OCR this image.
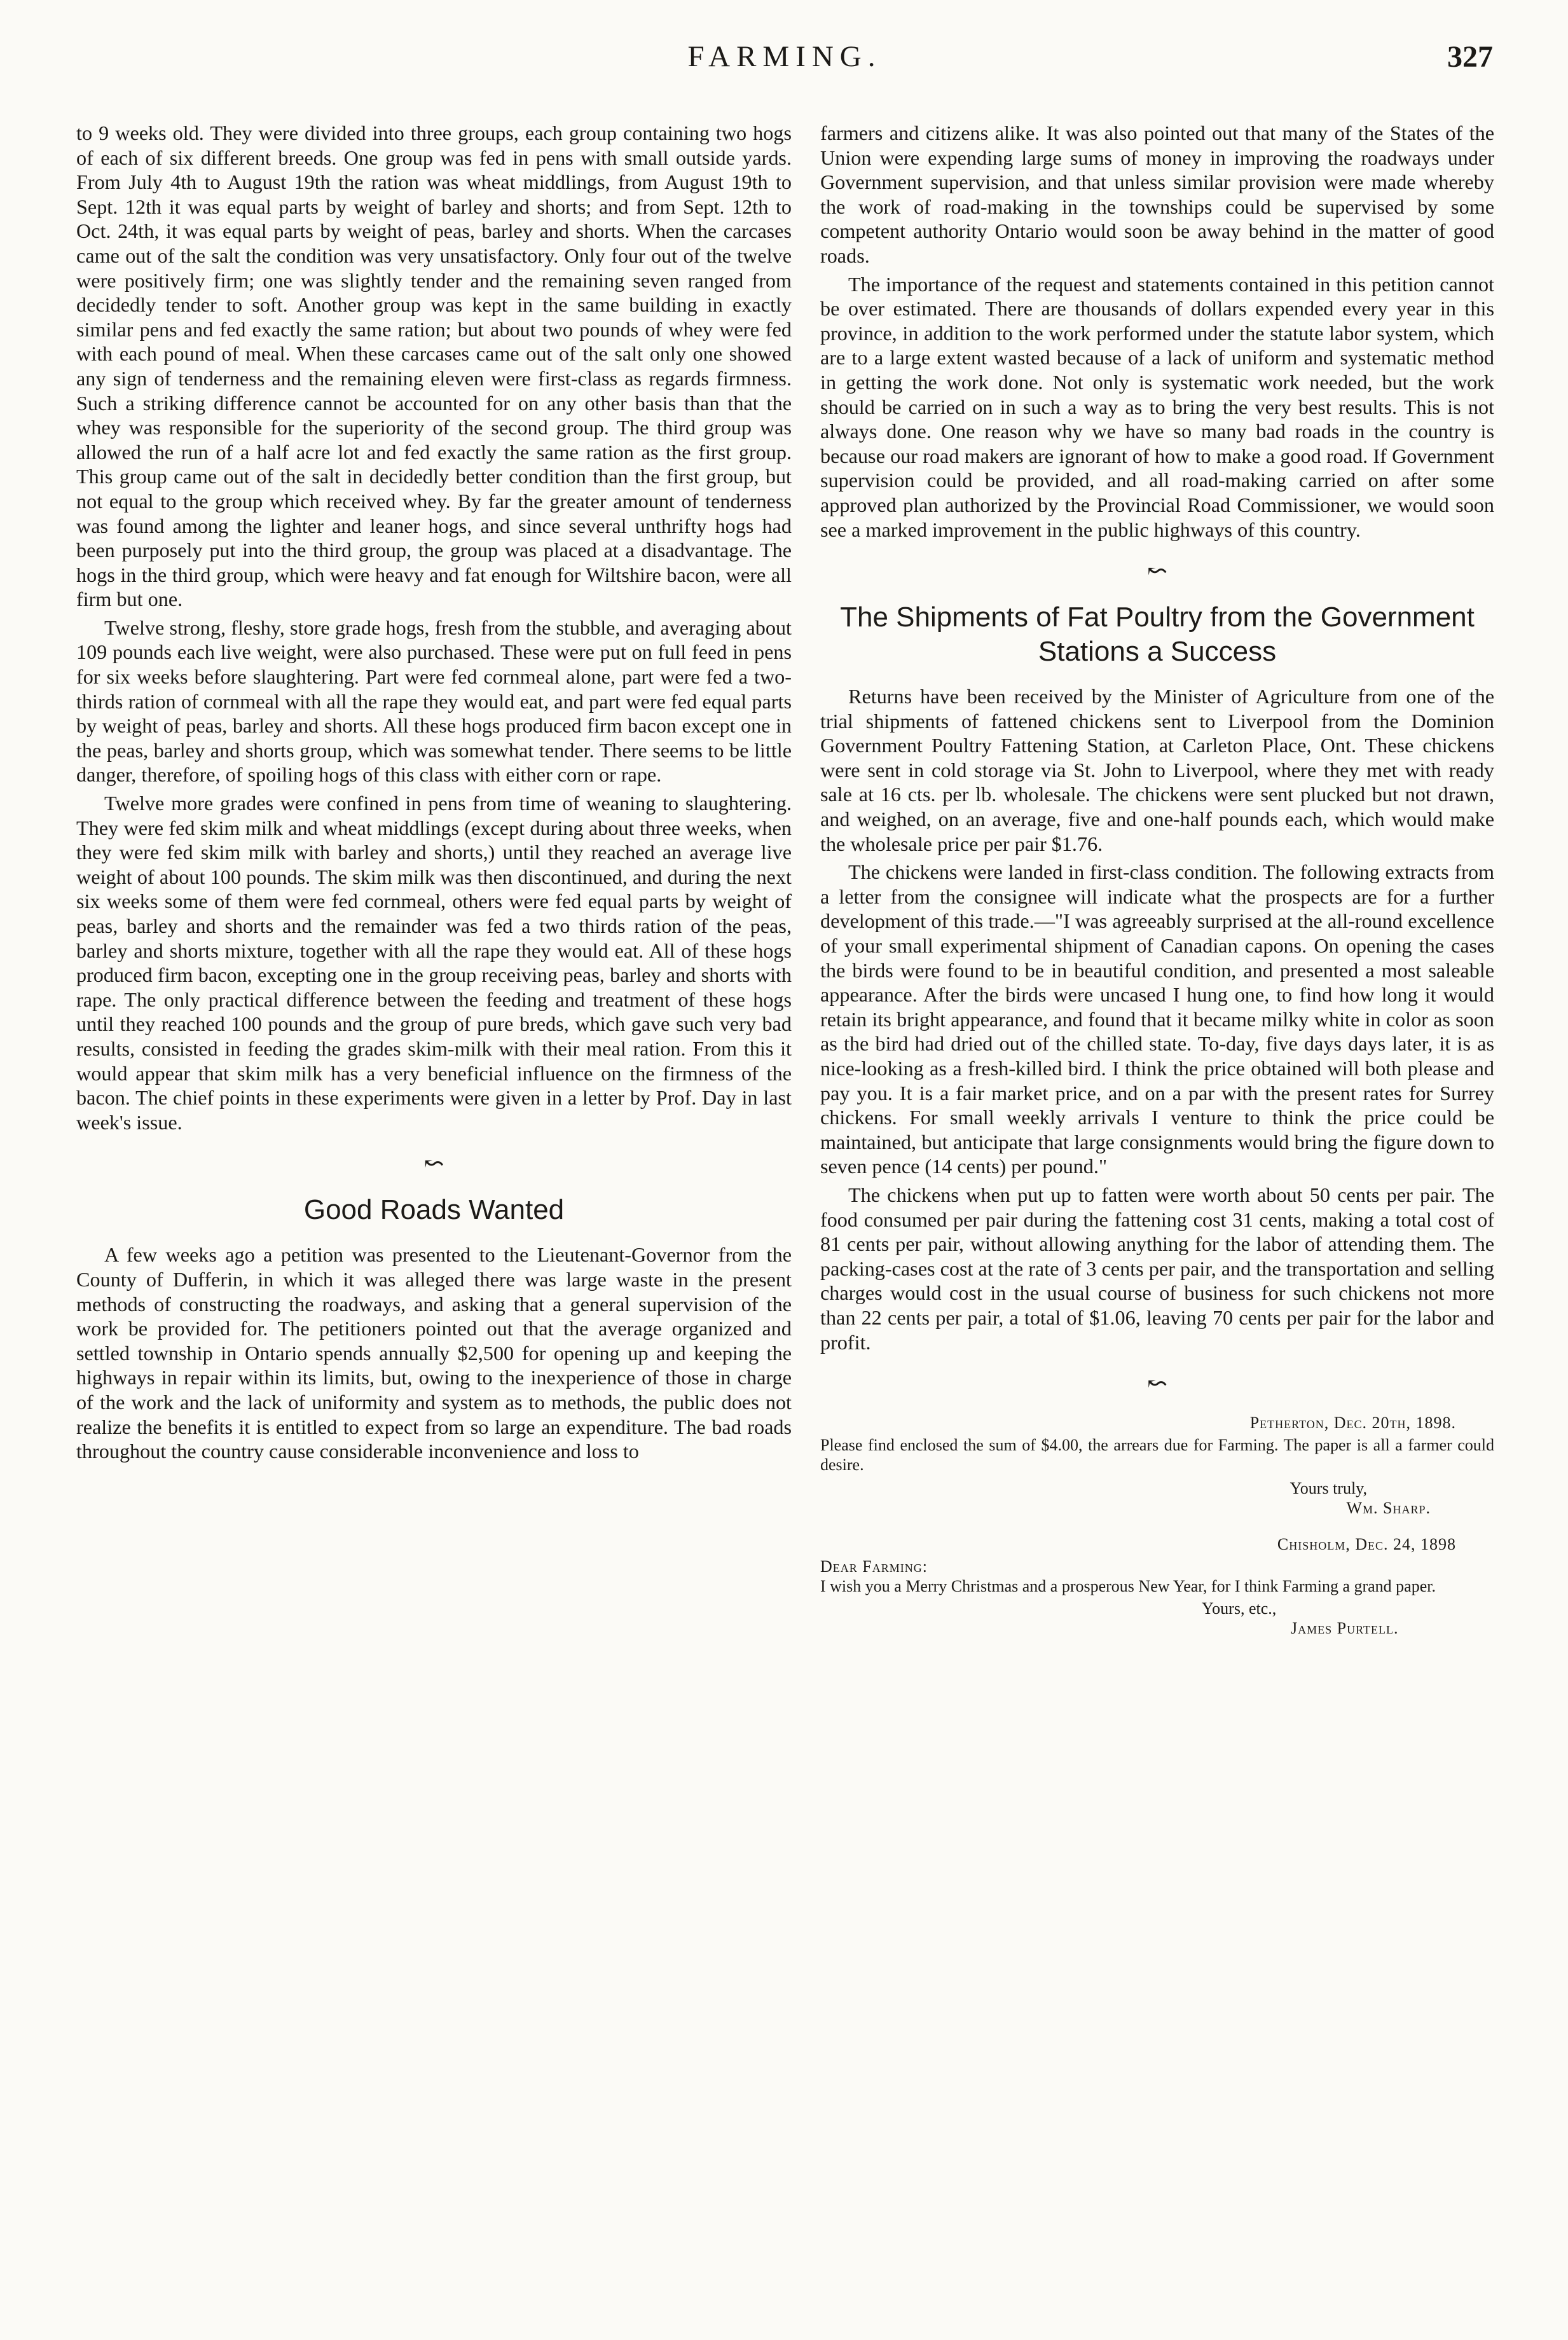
FARMING.	327

to 9 weeks old. They were divided into three groups, each group containing two hogs of each of six different breeds. One group was fed in pens with small outside yards. From July 4th to August 19th the ration was wheat middlings, from August 19th to Sept. 12th it was equal parts by weight of barley and shorts; and from Sept. 12th to Oct. 24th, it was equal parts by weight of peas, barley and shorts. When the carcases came out of the salt the condition was very unsatisfactory. Only four out of the twelve were positively firm; one was slightly tender and the remaining seven ranged from decidedly tender to soft. Another group was kept in the same building in exactly similar pens and fed exactly the same ration; but about two pounds of whey were fed with each pound of meal. When these carcases came out of the salt only one showed any sign of tenderness and the remaining eleven were first-class as regards firmness. Such a striking difference cannot be accounted for on any other basis than that the whey was responsible for the superiority of the second group. The third group was allowed the run of a half acre lot and fed exactly the same ration as the first group. This group came out of the salt in decidedly better condition than the first group, but not equal to the group which received whey. By far the greater amount of tenderness was found among the lighter and leaner hogs, and since several unthrifty hogs had been purposely put into the third group, the group was placed at a disadvantage. The hogs in the third group, which were heavy and fat enough for Wiltshire bacon, were all firm but one.

Twelve strong, fleshy, store grade hogs, fresh from the stubble, and averaging about 109 pounds each live weight, were also purchased. These were put on full feed in pens for six weeks before slaughtering. Part were fed cornmeal alone, part were fed a two-thirds ration of cornmeal with all the rape they would eat, and part were fed equal parts by weight of peas, barley and shorts. All these hogs produced firm bacon except one in the peas, barley and shorts group, which was somewhat tender. There seems to be little danger, therefore, of spoiling hogs of this class with either corn or rape.

Twelve more grades were confined in pens from time of weaning to slaughtering. They were fed skim milk and wheat middlings (except during about three weeks, when they were fed skim milk with barley and shorts,) until they reached an average live weight of about 100 pounds. The skim milk was then discontinued, and during the next six weeks some of them were fed cornmeal, others were fed equal parts by weight of peas, barley and shorts and the remainder was fed a two thirds ration of the peas, barley and shorts mixture, together with all the rape they would eat. All of these hogs produced firm bacon, excepting one in the group receiving peas, barley and shorts with rape. The only practical difference between the feeding and treatment of these hogs until they reached 100 pounds and the group of pure breds, which gave such very bad results, consisted in feeding the grades skim-milk with their meal ration. From this it would appear that skim milk has a very beneficial influence on the firmness of the bacon. The chief points in these experiments were given in a letter by Prof. Day in last week's issue.

↜
Good Roads Wanted

A few weeks ago a petition was presented to the Lieutenant-Governor from the County of Dufferin, in which it was alleged there was large waste in the present methods of constructing the roadways, and asking that a general supervision of the work be provided for. The petitioners pointed out that the average organized and settled township in Ontario spends annually $2,500 for opening up and keeping the highways in repair within its limits, but, owing to the inexperience of those in charge of the work and the lack of uniformity and system as to methods, the public does not realize the benefits it is entitled to expect from so large an expenditure. The bad roads throughout the country cause considerable inconvenience and loss to

farmers and citizens alike. It was also pointed out that many of the States of the Union were expending large sums of money in improving the roadways under Government supervision, and that unless similar provision were made whereby the work of road-making in the townships could be supervised by some competent authority Ontario would soon be away behind in the matter of good roads.

The importance of the request and statements contained in this petition cannot be over estimated. There are thousands of dollars expended every year in this province, in addition to the work performed under the statute labor system, which are to a large extent wasted because of a lack of uniform and systematic method in getting the work done. Not only is systematic work needed, but the work should be carried on in such a way as to bring the very best results. This is not always done. One reason why we have so many bad roads in the country is because our road makers are ignorant of how to make a good road. If Government supervision could be provided, and all road-making carried on after some approved plan authorized by the Provincial Road Commissioner, we would soon see a marked improvement in the public highways of this country.

↜
The Shipments of Fat Poultry from the Government Stations a Success

Returns have been received by the Minister of Agriculture from one of the trial shipments of fattened chickens sent to Liverpool from the Dominion Government Poultry Fattening Station, at Carleton Place, Ont. These chickens were sent in cold storage via St. John to Liverpool, where they met with ready sale at 16 cts. per lb. wholesale. The chickens were sent plucked but not drawn, and weighed, on an average, five and one-half pounds each, which would make the wholesale price per pair $1.76.

The chickens were landed in first-class condition. The following extracts from a letter from the consignee will indicate what the prospects are for a further development of this trade.—"I was agreeably surprised at the all-round excellence of your small experimental shipment of Canadian capons. On opening the cases the birds were found to be in beautiful condition, and presented a most saleable appearance. After the birds were uncased I hung one, to find how long it would retain its bright appearance, and found that it became milky white in color as soon as the bird had dried out of the chilled state. To-day, five days days later, it is as nice-looking as a fresh-killed bird. I think the price obtained will both please and pay you. It is a fair market price, and on a par with the present rates for Surrey chickens. For small weekly arrivals I venture to think the price could be maintained, but anticipate that large consignments would bring the figure down to seven pence (14 cents) per pound."

The chickens when put up to fatten were worth about 50 cents per pair. The food consumed per pair during the fattening cost 31 cents, making a total cost of 81 cents per pair, without allowing anything for the labor of attending them. The packing-cases cost at the rate of 3 cents per pair, and the transportation and selling charges would cost in the usual course of business for such chickens not more than 22 cents per pair, a total of $1.06, leaving 70 cents per pair for the labor and profit.

↜
Petherton, Dec. 20th, 1898.

Please find enclosed the sum of $4.00, the arrears due for Farming. The paper is all a farmer could desire.

Yours truly,
Wm. Sharp.
Chisholm, Dec. 24, 1898

Dear Farming:

I wish you a Merry Christmas and a prosperous New Year, for I think Farming a grand paper.

Yours, etc.,
James Purtell.
